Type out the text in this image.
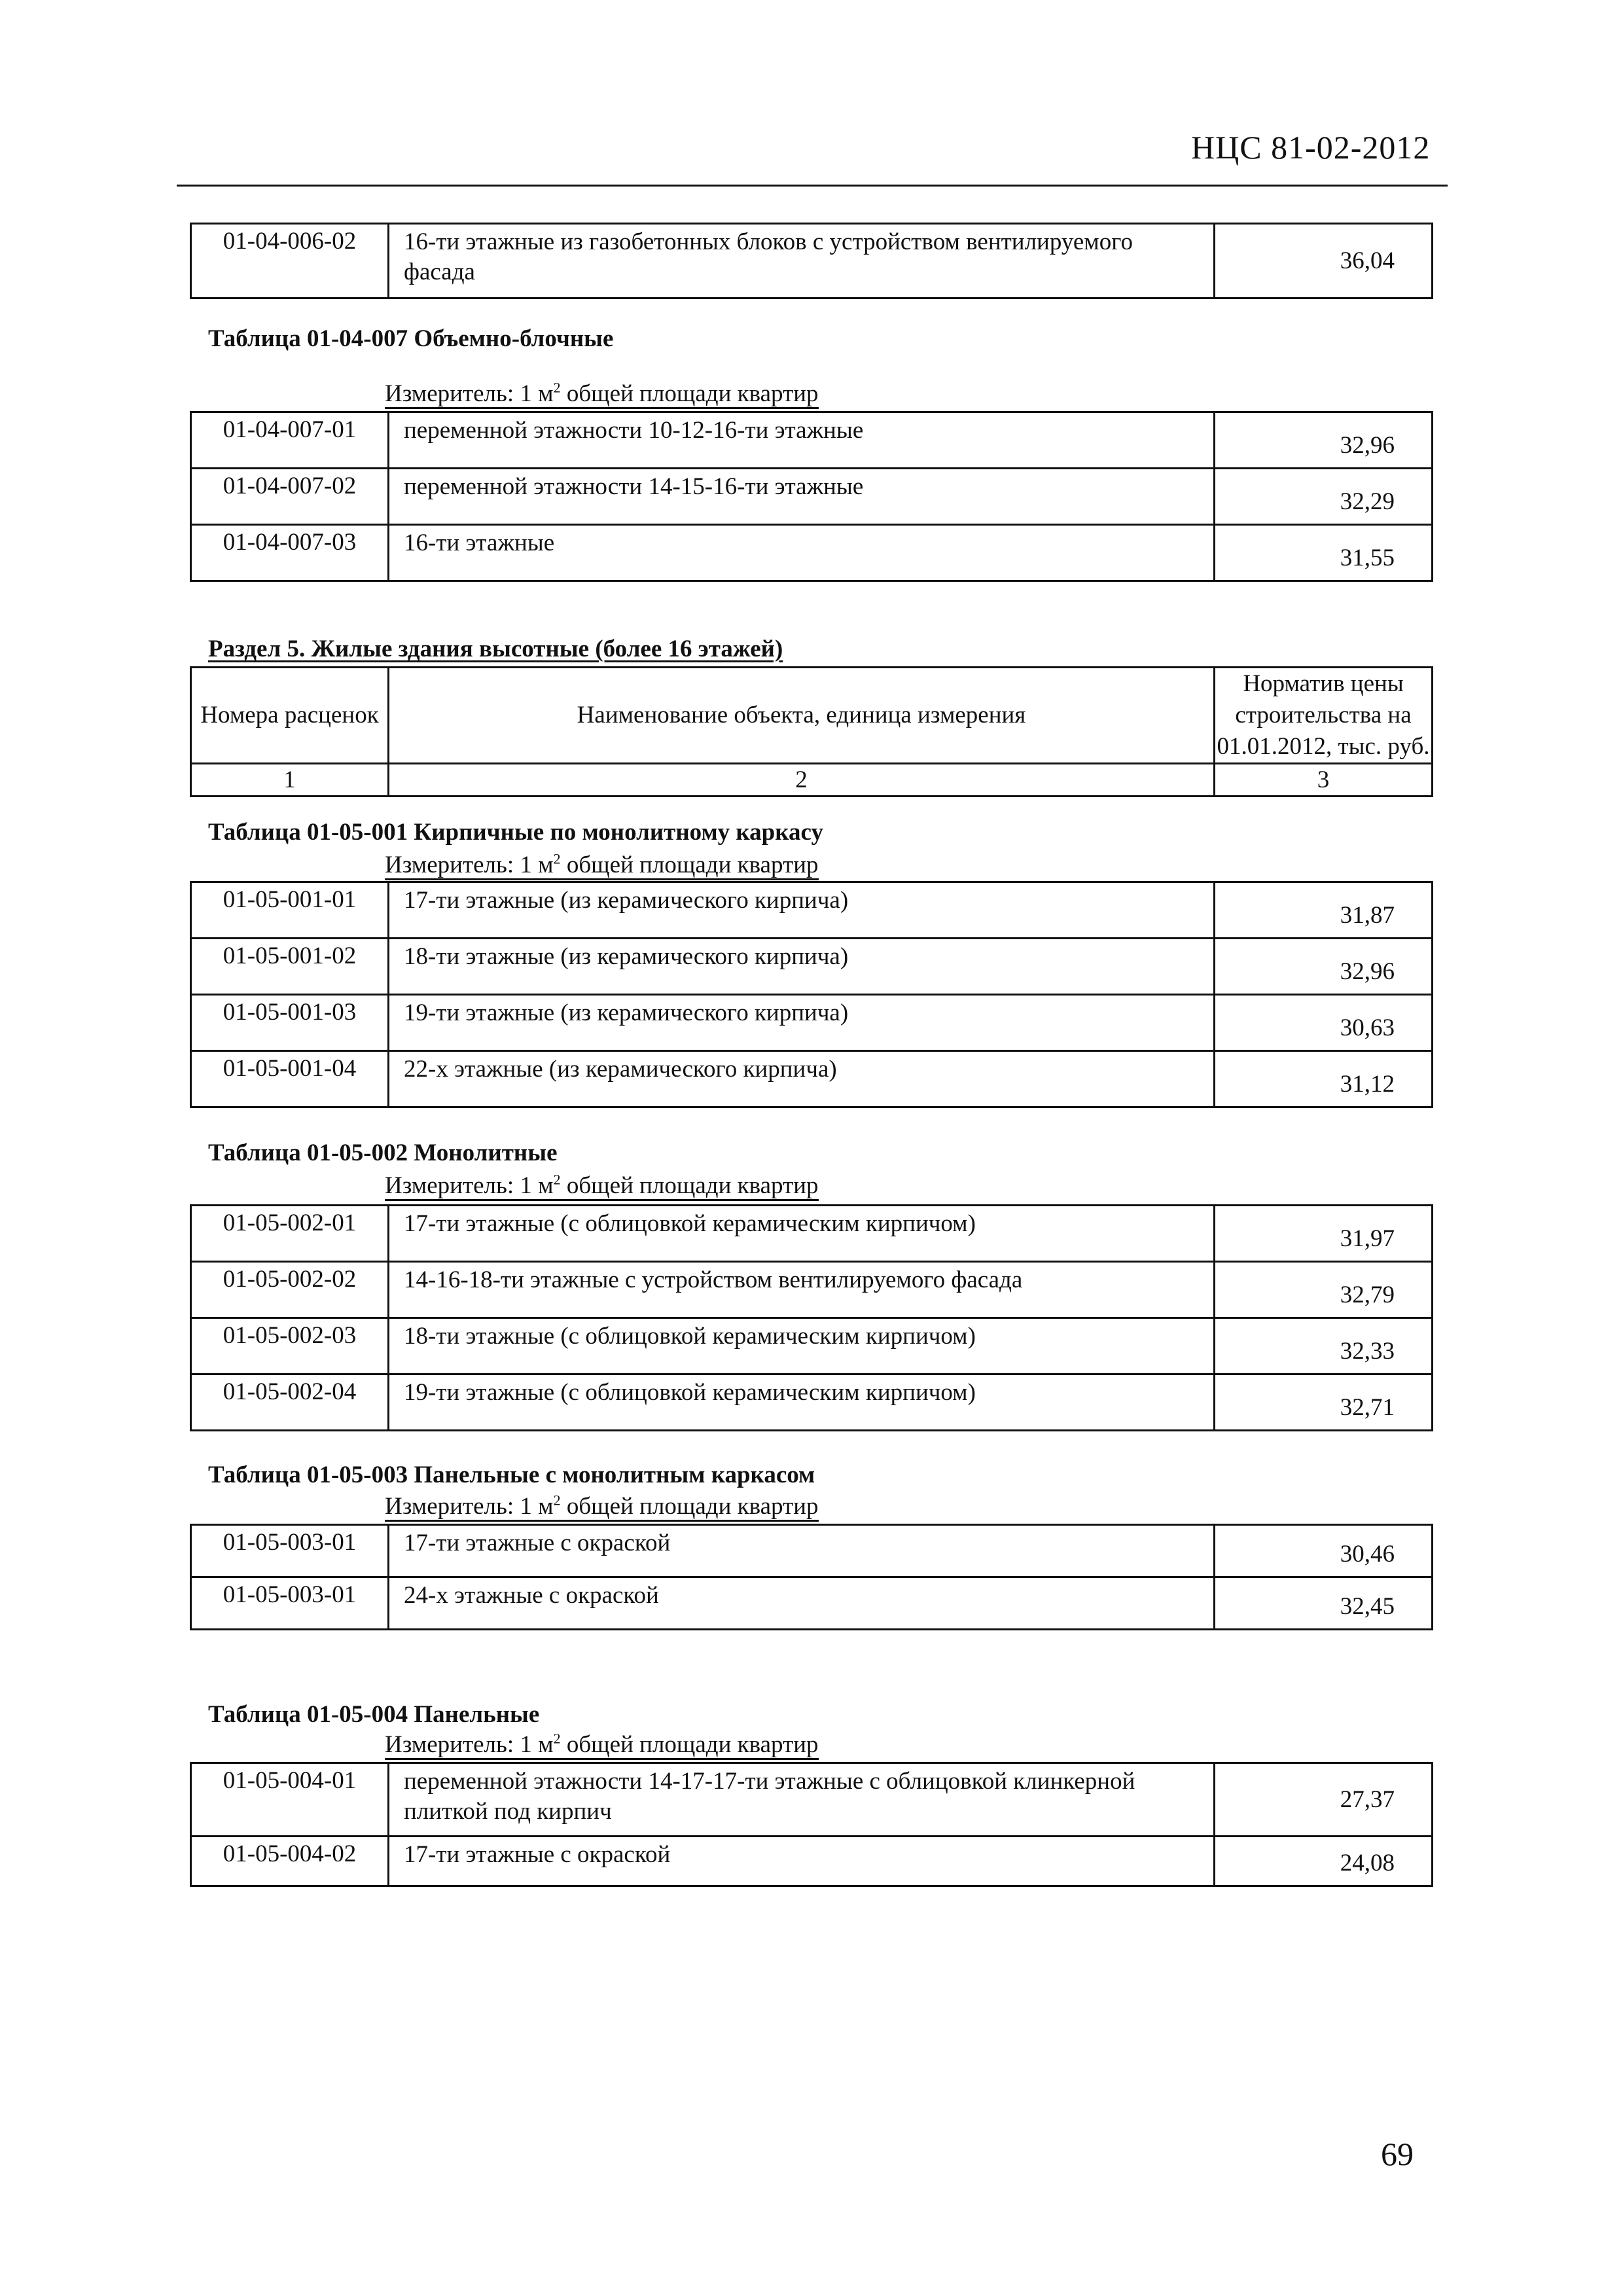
НЦС 81-02-2012
01-04-006-02	16-ти этажные из газобетонных блоков с устройством вентилируемого фасада	36,04
Таблица 01-04-007 Объемно-блочные
Измеритель: 1 $м^2$ общей площади квартир
01-04-007-01	переменной этажности 10-12-16-ти этажные	32,96
01-04-007-02	переменной этажности 14-15-16-ти этажные	32,29
01-04-007-03	16-ти этажные	31,55
Раздел 5. Жилые здания высотные (более 16 этажей)
Номера расценок	Наименование объекта, единица измерения	Норматив цены строительства на 01.01.2012, тыс. руб.
1	2	3
Таблица 01-05-001 Кирпичные по монолитному каркасу
Измеритель: 1 $м^2$ общей площади квартир
01-05-001-01	17-ти этажные (из керамического кирпича)	31,87
01-05-001-02	18-ти этажные (из керамического кирпича)	32,96
01-05-001-03	19-ти этажные (из керамического кирпича)	30,63
01-05-001-04	22-х этажные (из керамического кирпича)	31,12
Таблица 01-05-002 Монолитные
Измеритель: 1 $м^2$ общей площади квартир
01-05-002-01	17-ти этажные (с облицовкой керамическим кирпичом)	31,97
01-05-002-02	14-16-18-ти этажные с устройством вентилируемого фасада	32,79
01-05-002-03	18-ти этажные (с облицовкой керамическим кирпичом)	32,33
01-05-002-04	19-ти этажные (с облицовкой керамическим кирпичом)	32,71
Таблица 01-05-003 Панельные с монолитным каркасом
Измеритель: 1 $м^2$ общей площади квартир
01-05-003-01	17-ти этажные с окраской	30,46
01-05-003-01	24-х этажные с окраской	32,45
Таблица 01-05-004 Панельные
Измеритель: 1 $м^2$ общей площади квартир
01-05-004-01	переменной этажности 14-17-17-ти этажные с облицовкой клинкерной плиткой под кирпич	27,37
01-05-004-02	17-ти этажные с окраской	24,08
69
